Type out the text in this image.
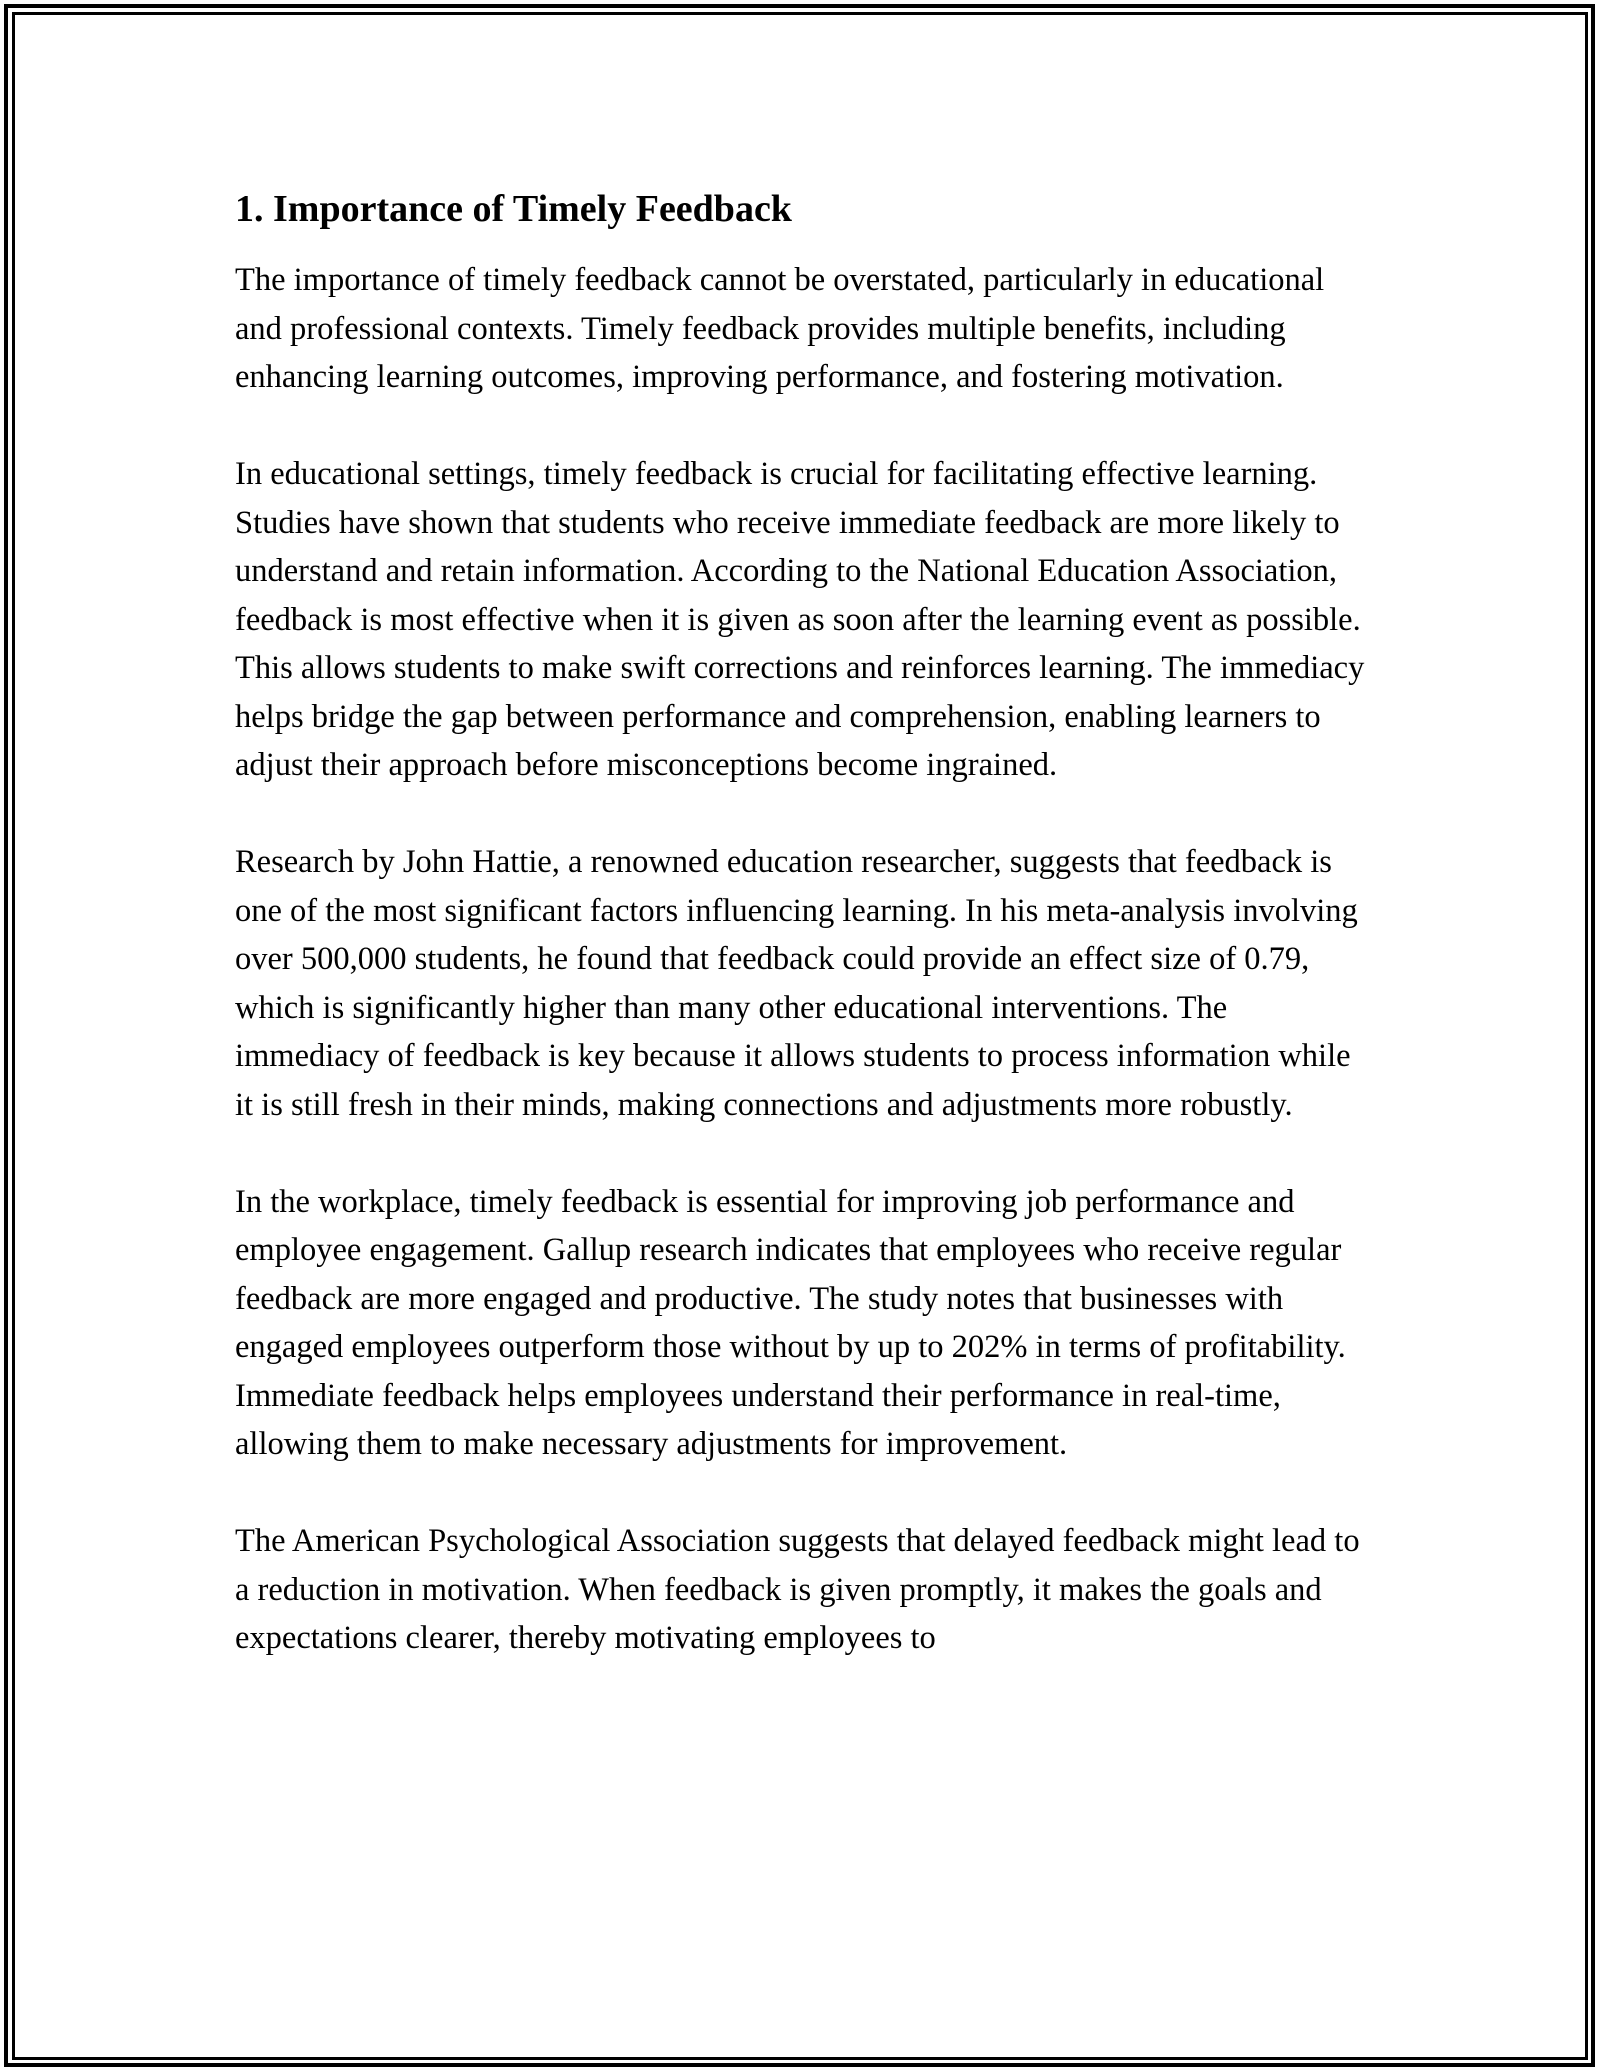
1. Importance of Timely Feedback

The importance of timely feedback cannot be overstated, particularly in educational and professional contexts. Timely feedback provides multiple benefits, including enhancing learning outcomes, improving performance, and fostering motivation.

In educational settings, timely feedback is crucial for facilitating effective learning. Studies have shown that students who receive immediate feedback are more likely to understand and retain information. According to the National Education Association, feedback is most effective when it is given as soon after the learning event as possible. This allows students to make swift corrections and reinforces learning. The immediacy helps bridge the gap between performance and comprehension, enabling learners to adjust their approach before misconceptions become ingrained.

Research by John Hattie, a renowned education researcher, suggests that feedback is one of the most significant factors influencing learning. In his meta-analysis involving over 500,000 students, he found that feedback could provide an effect size of 0.79, which is significantly higher than many other educational interventions. The immediacy of feedback is key because it allows students to process information while it is still fresh in their minds, making connections and adjustments more robustly.

In the workplace, timely feedback is essential for improving job performance and employee engagement. Gallup research indicates that employees who receive regular feedback are more engaged and productive. The study notes that businesses with engaged employees outperform those without by up to 202% in terms of profitability. Immediate feedback helps employees understand their performance in real-time, allowing them to make necessary adjustments for improvement.

The American Psychological Association suggests that delayed feedback might lead to a reduction in motivation. When feedback is given promptly, it makes the goals and expectations clearer, thereby motivating employees to
